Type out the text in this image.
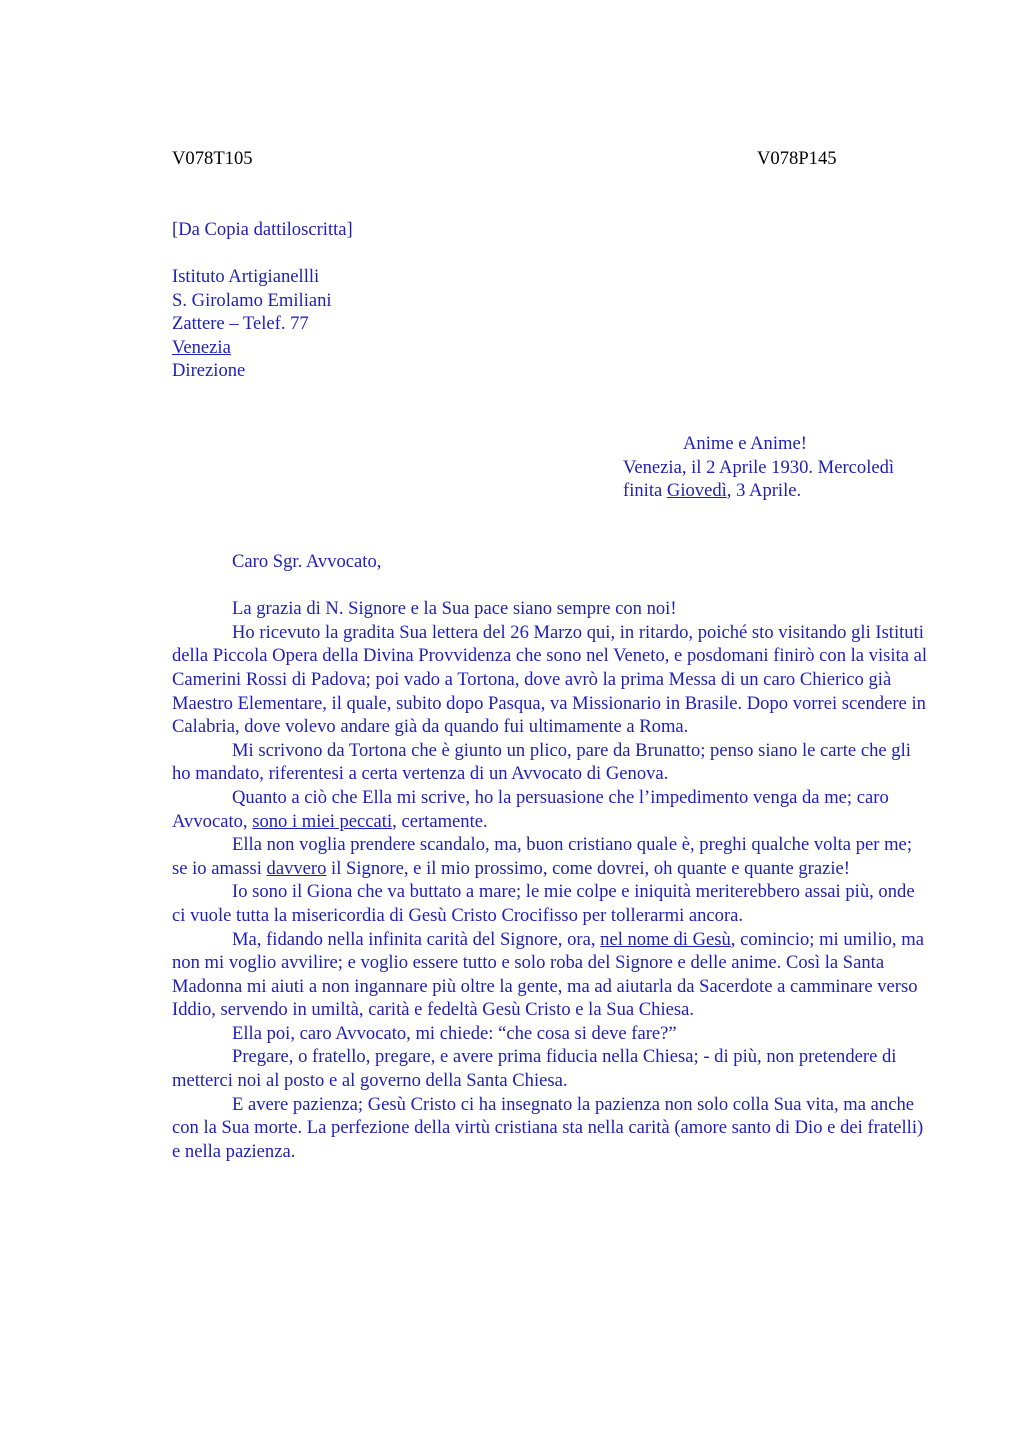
V078T105	V078P145
[Da Copia dattiloscritta]
Istituto Artigianellli
S. Girolamo Emiliani
Zattere – Telef. 77
Venezia
Direzione
Anime e Anime!
Venezia, il 2 Aprile 1930. Mercoledì
finita Giovedì, 3 Aprile.

Caro Sgr. Avvocato,

La grazia di N. Signore e la Sua pace siano sempre con noi!

Ho ricevuto la gradita Sua lettera del 26 Marzo qui, in ritardo, poiché sto visitando gli Istituti della Piccola Opera della Divina Provvidenza che sono nel Veneto, e posdomani finirò con la visita al Camerini Rossi di Padova; poi vado a Tortona, dove avrò la prima Messa di un caro Chierico già Maestro Elementare, il quale, subito dopo Pasqua, va Missionario in Brasile. Dopo vorrei scendere in Calabria, dove volevo andare già da quando fui ultimamente a Roma.

Mi scrivono da Tortona che è giunto un plico, pare da Brunatto; penso siano le carte che gli ho mandato, riferentesi a certa vertenza di un Avvocato di Genova.

Quanto a ciò che Ella mi scrive, ho la persuasione che l’impedimento venga da me; caro Avvocato, sono i miei peccati, certamente.

Ella non voglia prendere scandalo, ma, buon cristiano quale è, preghi qualche volta per me; se io amassi davvero il Signore, e il mio prossimo, come dovrei, oh quante e quante grazie!

Io sono il Giona che va buttato a mare; le mie colpe e iniquità meriterebbero assai più, onde ci vuole tutta la misericordia di Gesù Cristo Crocifisso per tollerarmi ancora.

Ma, fidando nella infinita carità del Signore, ora, nel nome di Gesù, comincio; mi umilio, ma non mi voglio avvilire; e voglio essere tutto e solo roba del Signore e delle anime. Così la Santa Madonna mi aiuti a non ingannare più oltre la gente, ma ad aiutarla da Sacerdote a camminare verso Iddio, servendo in umiltà, carità e fedeltà Gesù Cristo e la Sua Chiesa.

Ella poi, caro Avvocato, mi chiede: “che cosa si deve fare?”

Pregare, o fratello, pregare, e avere prima fiducia nella Chiesa; - di più, non pretendere di metterci noi al posto e al governo della Santa Chiesa.

E avere pazienza; Gesù Cristo ci ha insegnato la pazienza non solo colla Sua vita, ma anche con la Sua morte. La perfezione della virtù cristiana sta nella carità (amore santo di Dio e dei fratelli) e nella pazienza.
